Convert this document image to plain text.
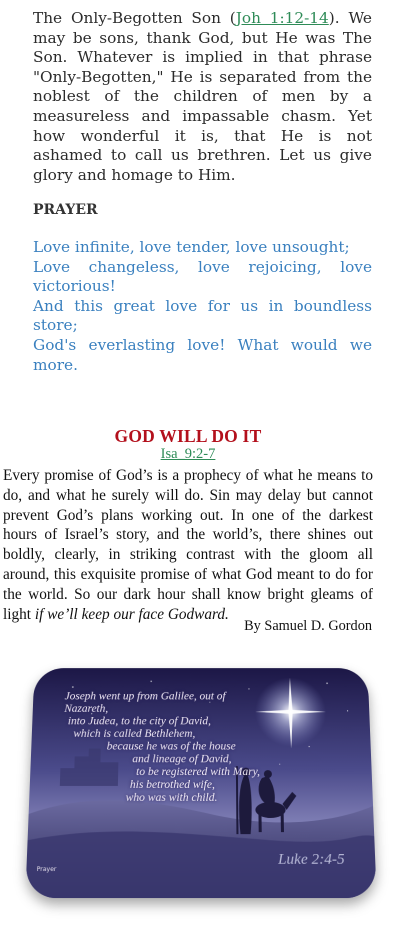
The Only-Begotten Son (Joh 1:12-14). We may be sons, thank God, but He was The Son. Whatever is implied in that phrase "Only-Begotten," He is separated from the noblest of the children of men by a measureless and impassable chasm. Yet how wonderful it is, that He is not ashamed to call us brethren. Let us give glory and homage to Him.

PRAYER
Love infinite, love tender, love unsought;
Love changeless, love rejoicing, love
victorious!
And this great love for us in boundless
store;
God's everlasting love! What would we
more.
GOD WILL DO IT
Isa_9:2-7

Every promise of God’s is a prophecy of what he means to do, and what he surely will do. Sin may delay but cannot prevent God’s plans working out. In one of the darkest hours of Israel’s story, and the world’s, there shines out boldly, clearly, in striking contrast with the gloom all around, this exquisite promise of what God meant to do for the world. So our dark hour shall know bright gleams of light if we’ll keep our face Godward.

By Samuel D. Gordon
Joseph went up from Galilee, out of Nazareth,
into Judea, to the city of David,
which is called Bethlehem,
because he was of the house
and lineage of David,
to be registered with Mary,
his betrothed wife,
who was with child.
Prayer
Luke 2:4-5
